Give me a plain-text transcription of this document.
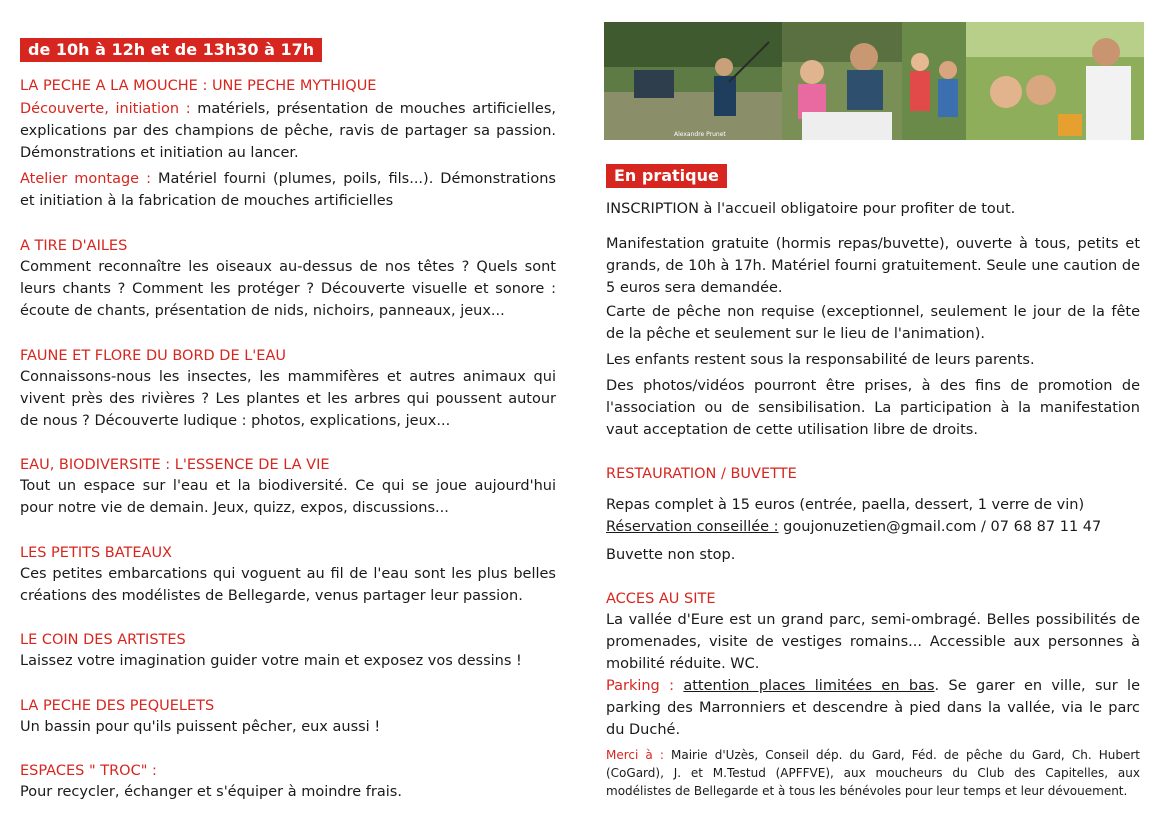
de 10h à 12h et de 13h30 à 17h

LA PECHE A LA MOUCHE : UNE PECHE MYTHIQUE

Découverte, initiation : matériels, présentation de mouches artificielles, explications par des champions de pêche, ravis de partager sa passion. Démonstrations et initiation au lancer.

Atelier montage : Matériel fourni (plumes, poils, fils...). Démonstrations et initiation à la fabrication de mouches artificielles

A TIRE D'AILES

Comment reconnaître les oiseaux au-dessus de nos têtes ? Quels sont leurs chants ? Comment les protéger ? Découverte visuelle et sonore : écoute de chants, présentation de nids, nichoirs, panneaux, jeux...

FAUNE ET FLORE DU BORD DE L'EAU

Connaissons-nous les insectes, les mammifères et autres animaux qui vivent près des rivières ? Les plantes et les arbres qui poussent autour de nous ? Découverte ludique : photos, explications, jeux...

EAU, BIODIVERSITE : L'ESSENCE DE LA VIE

Tout un espace sur l'eau et la biodiversité. Ce qui se joue aujourd'hui pour notre vie de demain. Jeux, quizz, expos, discussions...

LES PETITS BATEAUX

Ces petites embarcations qui voguent au fil de l'eau sont les plus belles créations des modélistes de Bellegarde, venus partager leur passion.

LE COIN DES ARTISTES

Laissez votre imagination guider votre main et exposez vos dessins !

LA PECHE DES PEQUELETS

Un bassin pour qu'ils puissent pêcher, eux aussi !

ESPACES " TROC" :

Pour recycler, échanger et s'équiper à moindre frais.

Alexandre Prunet
En pratique

INSCRIPTION à l'accueil obligatoire pour profiter de tout.

Manifestation gratuite (hormis repas/buvette), ouverte à tous, petits et grands, de 10h à 17h. Matériel fourni gratuitement. Seule une caution de 5 euros sera demandée.

Carte de pêche non requise (exceptionnel, seulement le jour de la fête de la pêche et seulement sur le lieu de l'animation).

Les enfants restent sous la responsabilité de leurs parents.

Des photos/vidéos pourront être prises, à des fins de promotion de l'association ou de sensibilisation. La participation à la manifestation vaut acceptation de cette utilisation libre de droits.

RESTAURATION / BUVETTE

Repas complet à 15 euros (entrée, paella, dessert, 1 verre de vin)

Réservation conseillée : goujonuzetien@gmail.com / 07 68 87 11 47

Buvette non stop.

ACCES AU SITE

La vallée d'Eure est un grand parc, semi-ombragé. Belles possibilités de promenades, visite de vestiges romains... Accessible aux personnes à mobilité réduite. WC.

Parking : attention places limitées en bas. Se garer en ville, sur le parking des Marronniers et descendre à pied dans la vallée, via le parc du Duché.

Merci à : Mairie d'Uzès, Conseil dép. du Gard, Féd. de pêche du Gard, Ch. Hubert (CoGard), J. et M.Testud (APFFVE), aux moucheurs du Club des Capitelles, aux modélistes de Bellegarde et à tous les bénévoles pour leur temps et leur dévouement.
